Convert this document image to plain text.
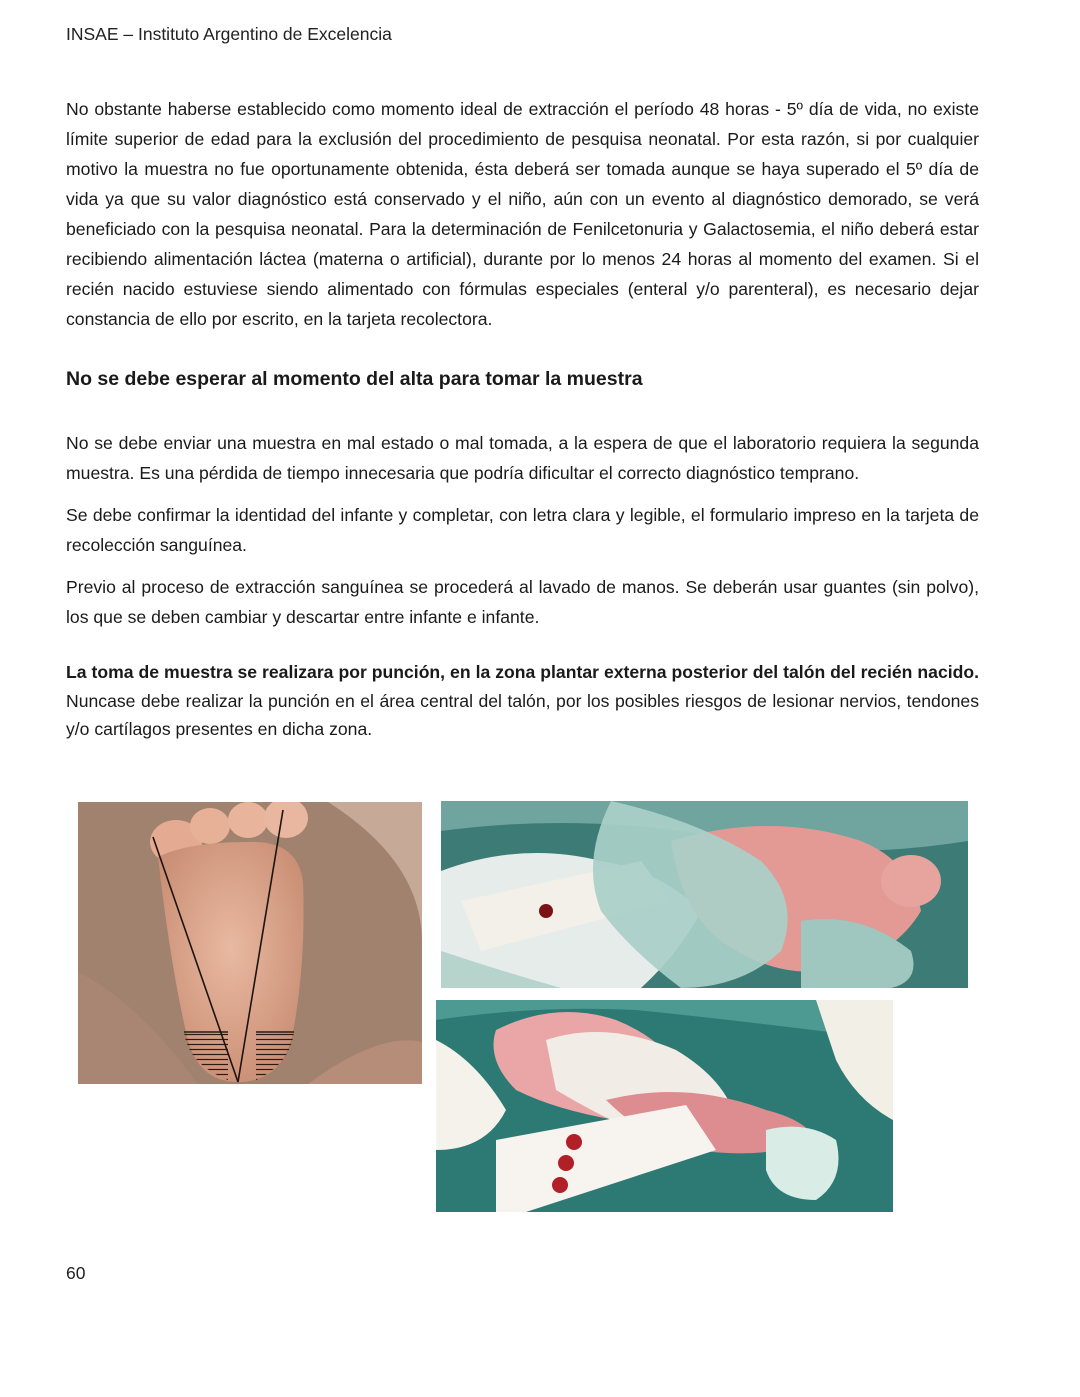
INSAE – Instituto Argentino de Excelencia

No obstante haberse establecido como momento ideal de extracción el período 48 horas - 5º día de vida, no existe límite superior de edad para la exclusión del procedimiento de pesquisa neonatal. Por esta razón, si por cualquier motivo la muestra no fue oportunamente obtenida, ésta deberá ser tomada aunque se haya superado el 5º día de vida ya que su valor diagnóstico está conservado y el niño, aún con un evento al diagnóstico demorado, se verá beneficiado con la pesquisa neonatal. Para la determinación de Fenilcetonuria y Galactosemia, el niño deberá estar recibiendo alimentación láctea (materna o artificial), durante por lo menos 24 horas al momento del examen. Si el recién nacido estuviese siendo alimentado con fórmulas especiales (enteral y/o parenteral), es necesario dejar constancia de ello por escrito, en la tarjeta recolectora.

No se debe esperar al momento del alta para tomar la muestra

No se debe enviar una muestra en mal estado o mal tomada, a la espera de que el laboratorio requiera la segunda muestra. Es una pérdida de tiempo innecesaria que podría dificultar el correcto diagnóstico temprano.

Se debe confirmar la identidad del infante y completar, con letra clara y legible, el formulario impreso en la tarjeta de recolección sanguínea.

Previo al proceso de extracción sanguínea se procederá al lavado de manos. Se deberán usar guantes (sin polvo), los que se deben cambiar y descartar entre infante e infante.

La toma de muestra se realizara por punción, en la zona plantar externa posterior del talón del recién nacido. Nuncase debe realizar la punción en el área central del talón, por los posibles riesgos de lesionar nervios, tendones y/o cartílagos presentes en dicha zona.

60
